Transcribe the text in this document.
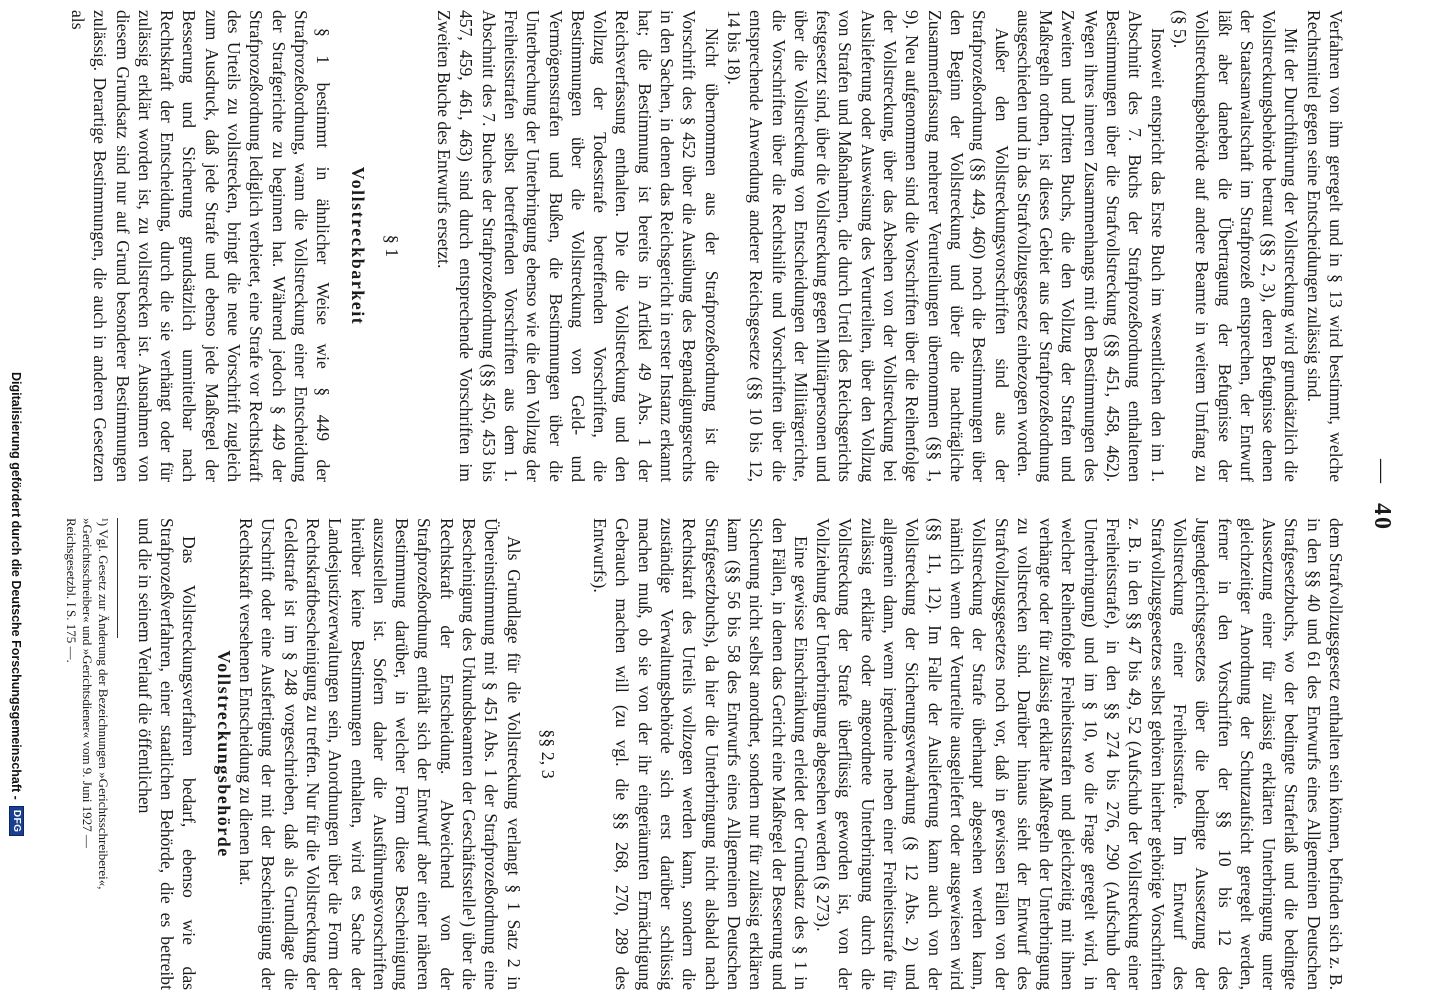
— 40

Verfahren von ihm geregelt und in § 13 wird bestimmt, welche Rechtsmittel gegen seine Entscheidungen zulässig sind.

Mit der Durchführung der Vollstreckung wird grundsätzlich die Vollstreckungsbehörde betraut (§§ 2, 3), deren Befugnisse denen der Staatsanwaltschaft im Strafprozeß entsprechen, der Entwurf läßt aber daneben die Übertragung der Befugnisse der Vollstreckungsbehörde auf andere Beamte in weitem Umfang zu (§ 5).

Insoweit entspricht das Erste Buch im wesentlichen den im 1. Abschnitt des 7. Buchs der Strafprozeßordnung enthaltenen Bestimmungen über die Strafvollstreckung (§§ 451, 458, 462). Wegen ihres inneren Zusammenhangs mit den Bestimmungen des Zweiten und Dritten Buchs, die den Vollzug der Strafen und Maßregeln ordnen, ist dieses Gebiet aus der Strafprozeßordnung ausgeschieden und in das Strafvollzugsgesetz einbezogen worden.

Außer den Vollstreckungsvorschriften sind aus der Strafprozeßordnung (§§ 449, 460) noch die Bestimmungen über den Beginn der Vollstreckung und über die nachträgliche Zusammenfassung mehrerer Verurteilungen übernommen (§§ 1, 9). Neu aufgenommen sind die Vorschriften über die Reihenfolge der Vollstreckung, über das Absehen von der Vollstreckung bei Auslieferung oder Ausweisung des Verurteilten, über den Vollzug von Strafen und Maßnahmen, die durch Urteil des Reichsgerichts festgesetzt sind, über die Vollstreckung gegen Militärpersonen und über die Vollstreckung von Entscheidungen der Militärgerichte, die Vorschriften über die Rechtshilfe und Vorschriften über die entsprechende Anwendung anderer Reichsgesetze (§§ 10 bis 12, 14 bis 18).

Nicht übernommen aus der Strafprozeßordnung ist die Vorschrift des § 452 über die Ausübung des Begnadigungsrechts in den Sachen, in denen das Reichsgericht in erster Instanz erkannt hat; die Bestimmung ist bereits in Artikel 49 Abs. 1 der Reichsverfassung enthalten. Die die Vollstreckung und den Vollzug der Todesstrafe betreffenden Vorschriften, die Bestimmungen über die Vollstreckung von Geld- und Vermögensstrafen und Bußen, die Bestimmungen über die Unterbrechung der Unterbringung ebenso wie die den Vollzug der Freiheitsstrafen selbst betreffenden Vorschriften aus dem 1. Abschnitt des 7. Buches der Strafprozeßordnung (§§ 450, 453 bis 457, 459, 461, 463) sind durch entsprechende Vorschriften im Zweiten Buche des Entwurfs ersetzt.

§ 1
Vollstreckbarkeit

§ 1 bestimmt in ähnlicher Weise wie § 449 der Strafprozeßordnung, wann die Vollstreckung einer Entscheidung der Strafgerichte zu beginnen hat. Während jedoch § 449 der Strafprozeßordnung lediglich verbietet, eine Strafe vor Rechtskraft des Urteils zu vollstrecken, bringt die neue Vorschrift zugleich zum Ausdruck, daß jede Strafe und ebenso jede Maßregel der Besserung und Sicherung grundsätzlich unmittelbar nach Rechtskraft der Entscheidung, durch die sie verhängt oder für zulässig erklärt worden ist, zu vollstrecken ist. Ausnahmen von diesem Grundsatz sind nur auf Grund besonderer Bestimmungen zulässig. Derartige Bestimmungen, die auch in anderen Gesetzen als

dem Strafvollzugsgesetz enthalten sein können, befinden sich z. B. in den §§ 40 und 61 des Entwurfs eines Allgemeinen Deutschen Strafgesetzbuchs, wo der bedingte Straferlaß und die bedingte Aussetzung einer für zulässig erklärten Unterbringung unter gleichzeitiger Anordnung der Schutzaufsicht geregelt werden, ferner in den Vorschriften der §§ 10 bis 12 des Jugendgerichtsgesetzes über die bedingte Aussetzung der Vollstreckung einer Freiheitsstrafe. Im Entwurf des Strafvollzugsgesetzes selbst gehören hierher gehörige Vorschriften z. B. in den §§ 47 bis 49, 52 (Aufschub der Vollstreckung einer Freiheitsstrafe), in den §§ 274 bis 276, 290 (Aufschub der Unterbringung) und im § 10, wo die Frage geregelt wird, in welcher Reihenfolge Freiheitsstrafen und gleichzeitig mit ihnen verhängte oder für zulässig erklärte Maßregeln der Unterbringung zu vollstrecken sind. Darüber hinaus sieht der Entwurf des Strafvollzugsgesetzes noch vor, daß in gewissen Fällen von der Vollstreckung der Strafe überhaupt abgesehen werden kann, nämlich wenn der Verurteilte ausgeliefert oder ausgewiesen wird (§§ 11, 12). Im Falle der Auslieferung kann auch von der Vollstreckung der Sicherungsverwahrung (§ 12 Abs. 2) und allgemein dann, wenn irgendeine neben einer Freiheitsstrafe für zulässig erklärte oder angeordnete Unterbringung durch die Vollstreckung der Strafe überflüssig geworden ist, von der Vollziehung der Unterbringung abgesehen werden (§ 273).

Eine gewisse Einschränkung erleidet der Grundsatz des § 1 in den Fällen, in denen das Gericht eine Maßregel der Besserung und Sicherung nicht selbst anordnet, sondern nur für zulässig erklären kann (§§ 56 bis 58 des Entwurfs eines Allgemeinen Deutschen Strafgesetzbuchs), da hier die Unterbringung nicht alsbald nach Rechtskraft des Urteils vollzogen werden kann, sondern die zuständige Verwaltungsbehörde sich erst darüber schlüssig machen muß, ob sie von der ihr eingeräumten Ermächtigung Gebrauch machen will (zu vgl. die §§ 268, 270, 289 des Entwurfs).

§§ 2, 3

Als Grundlage für die Vollstreckung verlangt § 1 Satz 2 in Übereinstimmung mit § 451 Abs. 1 der Strafprozeßordnung eine Bescheinigung des Urkundsbeamten der Geschäftsstelle¹) über die Rechtskraft der Entscheidung. Abweichend von der Strafprozeßordnung enthält sich der Entwurf aber einer näheren Bestimmung darüber, in welcher Form diese Bescheinigung auszustellen ist. Sofern daher die Ausführungsvorschriften hierüber keine Bestimmungen enthalten, wird es Sache der Landesjustizverwaltungen sein, Anordnungen über die Form der Rechtskraftbescheinigung zu treffen. Nur für die Vollstreckung der Geldstrafe ist im § 248 vorgeschrieben, daß als Grundlage die Urschrift oder eine Ausfertigung der mit der Bescheinigung der Rechtskraft versehenen Entscheidung zu dienen hat.

Vollstreckungsbehörde

Das Vollstreckungsverfahren bedarf, ebenso wie das Strafprozeßverfahren, einer staatlichen Behörde, die es betreibt und die in seinem Verlauf die öffentlichen

¹) Vgl. Gesetz zur Änderung der Bezeichnungen »Gerichtsschreiberei«,
»Gerichtsschreiber« und »Gerichtsdiener« vom 9. Juni 1927 —
Reichsgesetzbl. I S. 175 —.
Digitalisierung gefördert durch die Deutsche Forschungsgemeinschaft -
DFG
